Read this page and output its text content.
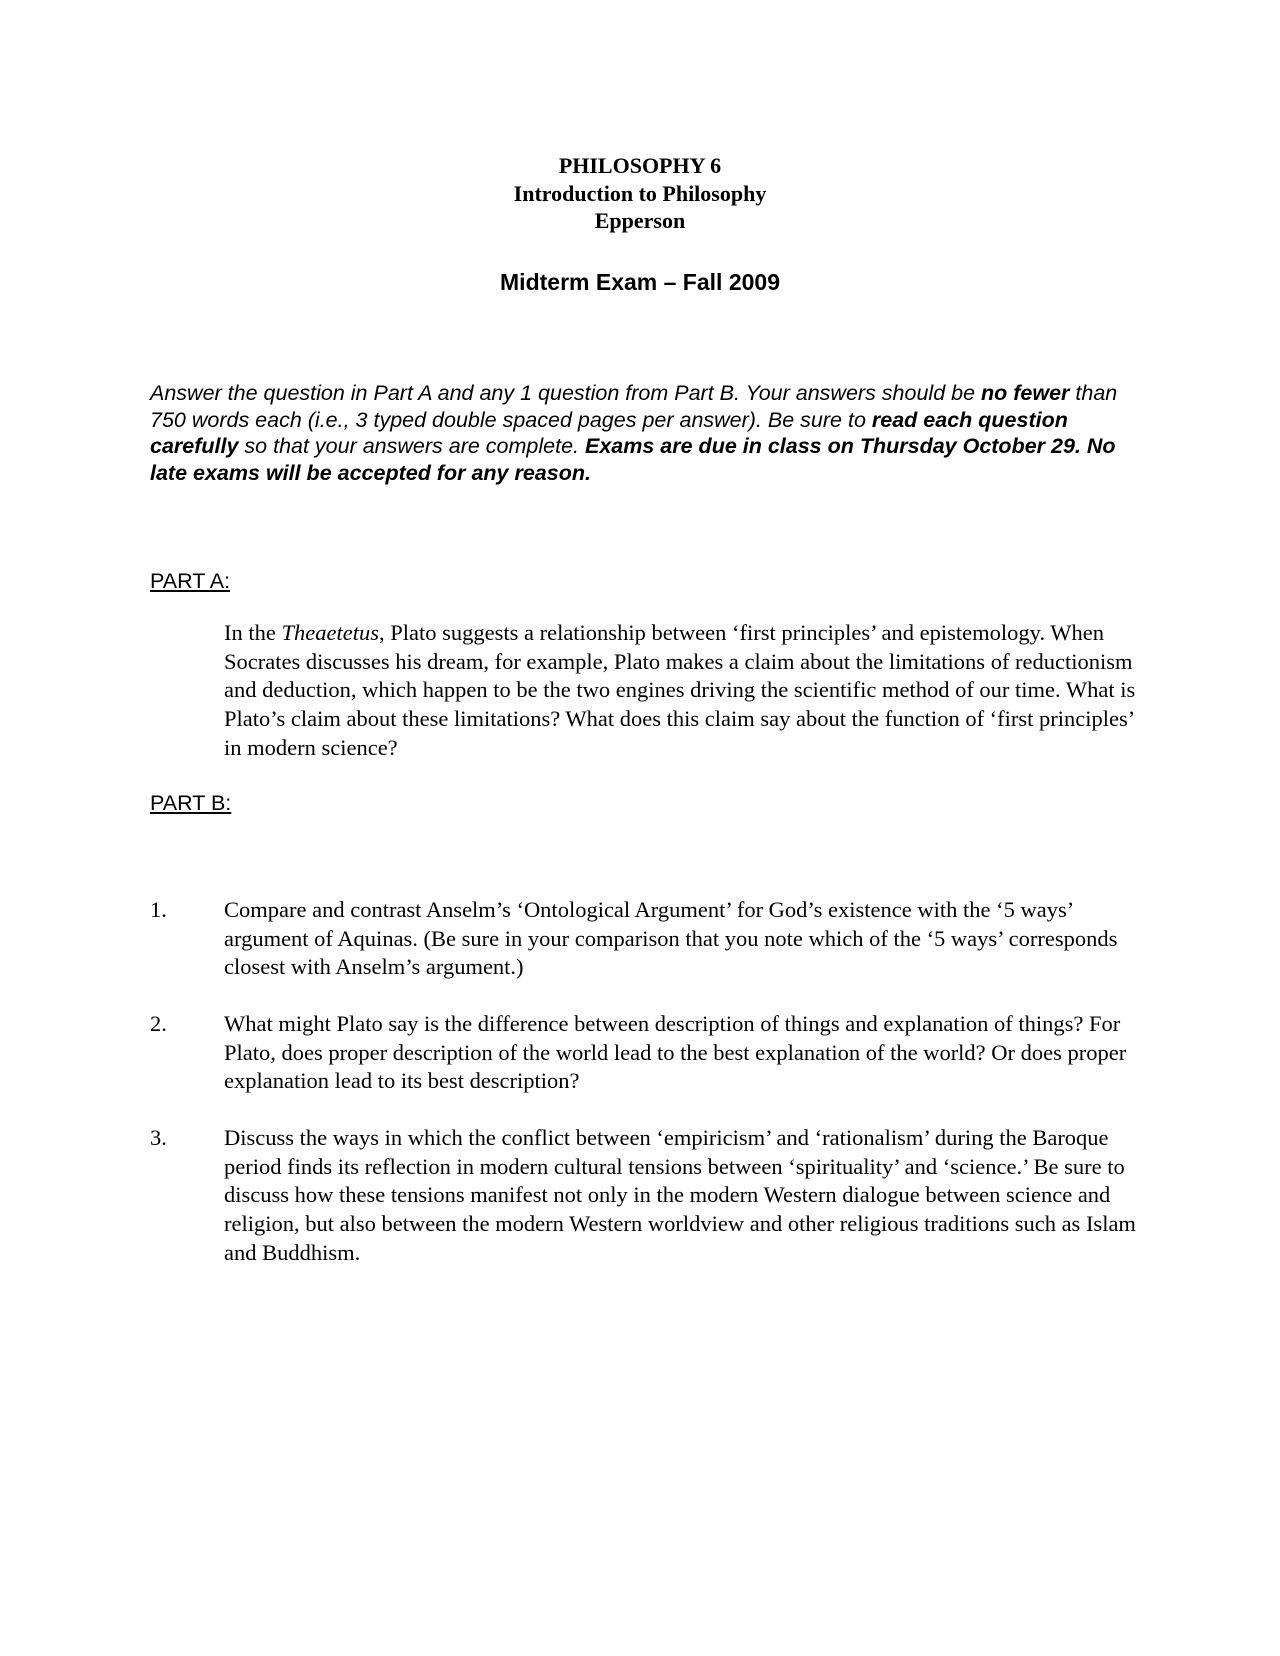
PHILOSOPHY 6
Introduction to Philosophy
Epperson
Midterm Exam – Fall 2009

Answer the question in Part A and any 1 question from Part B. Your answers should be no fewer than 750 words each (i.e., 3 typed double spaced pages per answer). Be sure to read each question carefully so that your answers are complete. Exams are due in class on Thursday October 29. No late exams will be accepted for any reason.

PART A:

In the Theaetetus, Plato suggests a relationship between ‘first principles’ and epistemology. When Socrates discusses his dream, for example, Plato makes a claim about the limitations of reductionism and deduction, which happen to be the two engines driving the scientific method of our time. What is Plato’s claim about these limitations? What does this claim say about the function of ‘first principles’ in modern science?

PART B:
1.	Compare and contrast Anselm’s ‘Ontological Argument’ for God’s existence with the ‘5 ways’ argument of Aquinas. (Be sure in your comparison that you note which of the ‘5 ways’ corresponds closest with Anselm’s argument.)

2.	What might Plato say is the difference between description of things and explanation of things? For Plato, does proper description of the world lead to the best explanation of the world? Or does proper explanation lead to its best description?

3.	Discuss the ways in which the conflict between ‘empiricism’ and ‘rationalism’ during the Baroque period finds its reflection in modern cultural tensions between ‘spirituality’ and ‘science.’ Be sure to discuss how these tensions manifest not only in the modern Western dialogue between science and religion, but also between the modern Western worldview and other religious traditions such as Islam and Buddhism.
